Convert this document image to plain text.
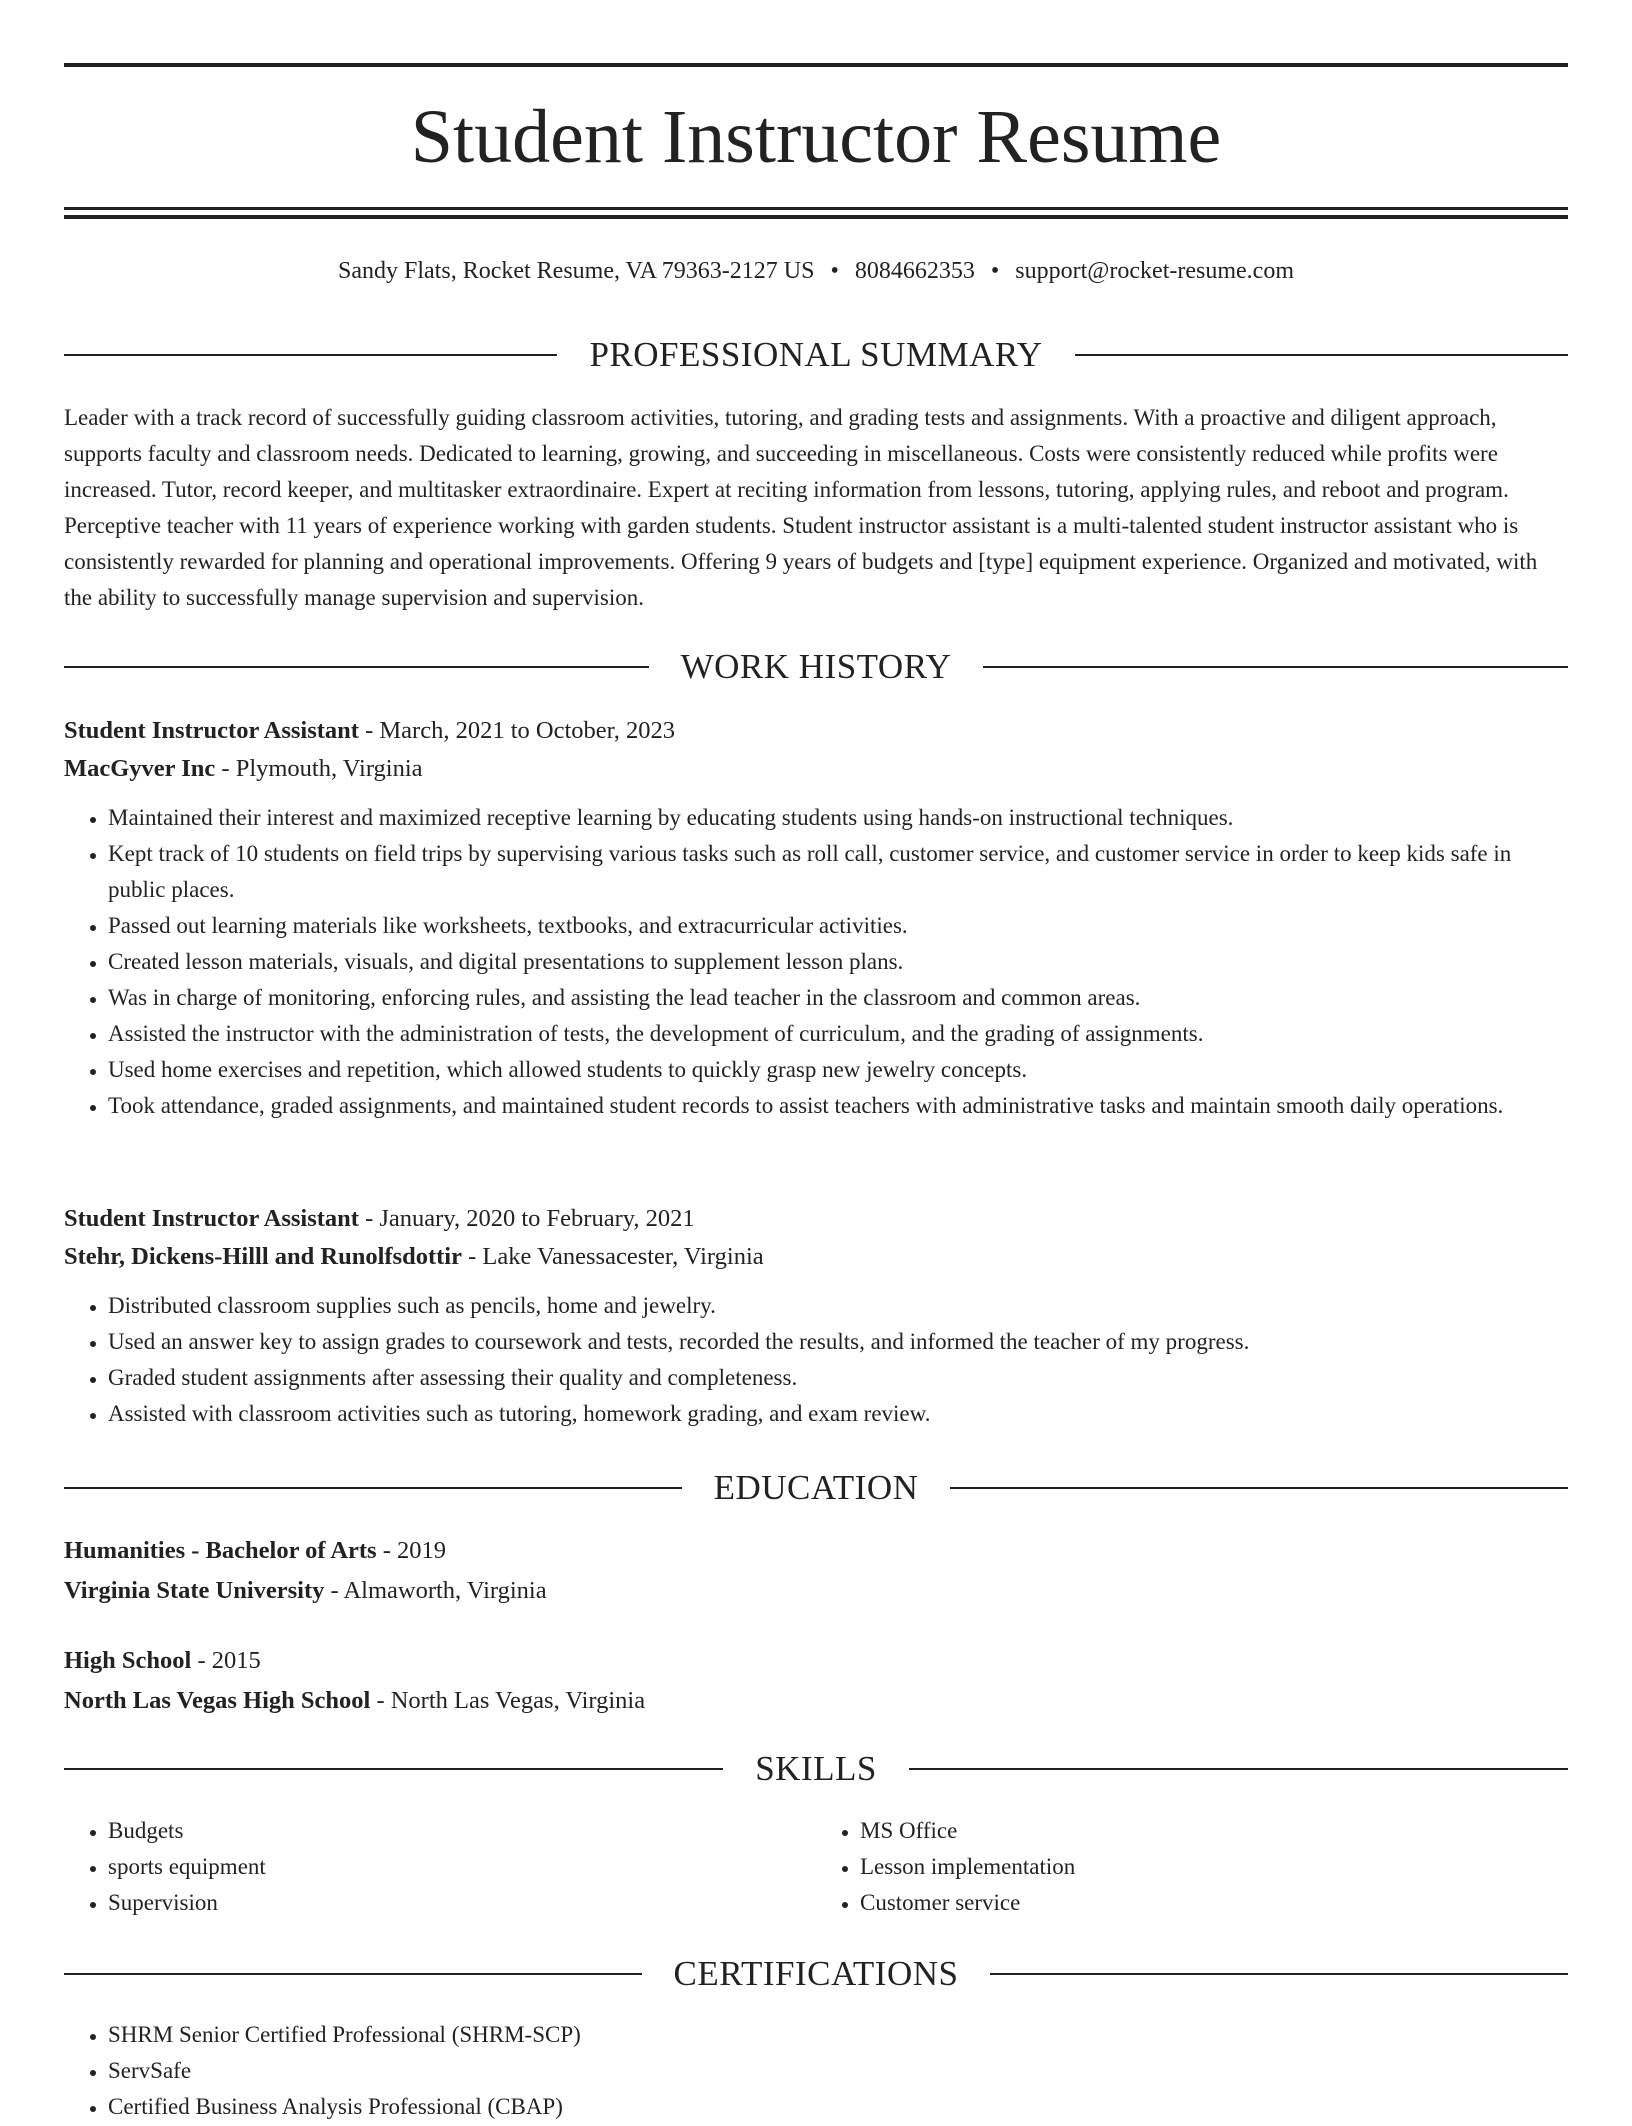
Student Instructor Resume
Sandy Flats, Rocket Resume, VA 79363-2127 US • 8084662353 • support@rocket-resume.com
PROFESSIONAL SUMMARY
Leader with a track record of successfully guiding classroom activities, tutoring, and grading tests and assignments. With a proactive and diligent approach, supports faculty and classroom needs. Dedicated to learning, growing, and succeeding in miscellaneous. Costs were consistently reduced while profits were increased. Tutor, record keeper, and multitasker extraordinaire. Expert at reciting information from lessons, tutoring, applying rules, and reboot and program. Perceptive teacher with 11 years of experience working with garden students. Student instructor assistant is a multi-talented student instructor assistant who is consistently rewarded for planning and operational improvements. Offering 9 years of budgets and [type] equipment experience. Organized and motivated, with the ability to successfully manage supervision and supervision.
WORK HISTORY
Student Instructor Assistant - March, 2021 to October, 2023
MacGyver Inc - Plymouth, Virginia
• Maintained their interest and maximized receptive learning by educating students using hands-on instructional techniques.
• Kept track of 10 students on field trips by supervising various tasks such as roll call, customer service, and customer service in order to keep kids safe in public places.
• Passed out learning materials like worksheets, textbooks, and extracurricular activities.
• Created lesson materials, visuals, and digital presentations to supplement lesson plans.
• Was in charge of monitoring, enforcing rules, and assisting the lead teacher in the classroom and common areas.
• Assisted the instructor with the administration of tests, the development of curriculum, and the grading of assignments.
• Used home exercises and repetition, which allowed students to quickly grasp new jewelry concepts.
• Took attendance, graded assignments, and maintained student records to assist teachers with administrative tasks and maintain smooth daily operations.
Student Instructor Assistant - January, 2020 to February, 2021
Stehr, Dickens-Hilll and Runolfsdottir - Lake Vanessacester, Virginia
• Distributed classroom supplies such as pencils, home and jewelry.
• Used an answer key to assign grades to coursework and tests, recorded the results, and informed the teacher of my progress.
• Graded student assignments after assessing their quality and completeness.
• Assisted with classroom activities such as tutoring, homework grading, and exam review.
EDUCATION
Humanities - Bachelor of Arts - 2019
Virginia State University - Almaworth, Virginia
High School - 2015
North Las Vegas High School - North Las Vegas, Virginia
SKILLS
• Budgets
• sports equipment
• Supervision
• MS Office
• Lesson implementation
• Customer service
CERTIFICATIONS
• SHRM Senior Certified Professional (SHRM-SCP)
• ServSafe
• Certified Business Analysis Professional (CBAP)
